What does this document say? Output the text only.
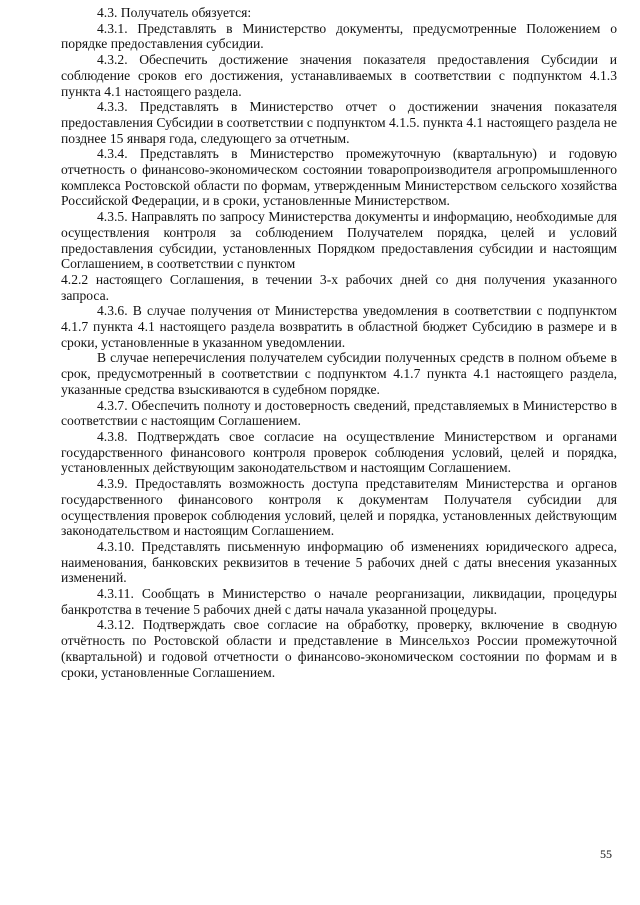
4.3. Получатель обязуется:

4.3.1. Представлять в Министерство документы, предусмотренные Положением о порядке предоставления субсидии.

4.3.2. Обеспечить достижение значения показателя предоставления Субсидии и соблюдение сроков его достижения, устанавливаемых в соответствии с подпунктом 4.1.3 пункта 4.1 настоящего раздела.

4.3.3. Представлять в Министерство отчет о достижении значения показателя предоставления Субсидии в соответствии с подпунктом 4.1.5. пункта 4.1 настоящего раздела не позднее 15 января года, следующего за отчетным.

4.3.4. Представлять в Министерство промежуточную (квартальную) и годовую отчетность о финансово-экономическом состоянии товаропроизводителя агропромышленного комплекса Ростовской области по формам, утвержденным Министерством сельского хозяйства Российской Федерации, и в сроки, установленные Министерством.

4.3.5. Направлять по запросу Министерства документы и информацию, необходимые для осуществления контроля за соблюдением Получателем порядка, целей и условий предоставления субсидии, установленных Порядком предоставления субсидии и настоящим Соглашением, в соответствии с пунктом

4.2.2 настоящего Соглашения, в течении 3-х рабочих дней со дня получения указанного запроса.

4.3.6. В случае получения от Министерства уведомления в соответствии с подпунктом 4.1.7 пункта 4.1 настоящего раздела возвратить в областной бюджет Субсидию в размере и в сроки, установленные в указанном уведомлении.

В случае неперечисления получателем субсидии полученных средств в полном объеме в срок, предусмотренный в соответствии с подпунктом 4.1.7 пункта 4.1 настоящего раздела, указанные средства взыскиваются в судебном порядке.

4.3.7. Обеспечить полноту и достоверность сведений, представляемых в Министерство в соответствии с настоящим Соглашением.

4.3.8. Подтверждать свое согласие на осуществление Министерством и органами государственного финансового контроля проверок соблюдения условий, целей и порядка, установленных действующим законодательством и настоящим Соглашением.

4.3.9. Предоставлять возможность доступа представителям Министерства и органов государственного финансового контроля к документам Получателя субсидии для осуществления проверок соблюдения условий, целей и порядка, установленных действующим законодательством и настоящим Соглашением.

4.3.10. Представлять письменную информацию об изменениях юридического адреса, наименования, банковских реквизитов в течение 5 рабочих дней с даты внесения указанных изменений.

4.3.11. Сообщать в Министерство о начале реорганизации, ликвидации, процедуры банкротства в течение 5 рабочих дней с даты начала указанной процедуры.

4.3.12. Подтверждать свое согласие на обработку, проверку, включение в сводную отчётность по Ростовской области и представление в Минсельхоз России промежуточной (квартальной) и годовой отчетности о финансово-экономическом состоянии по формам и в сроки, установленные Соглашением.

55
